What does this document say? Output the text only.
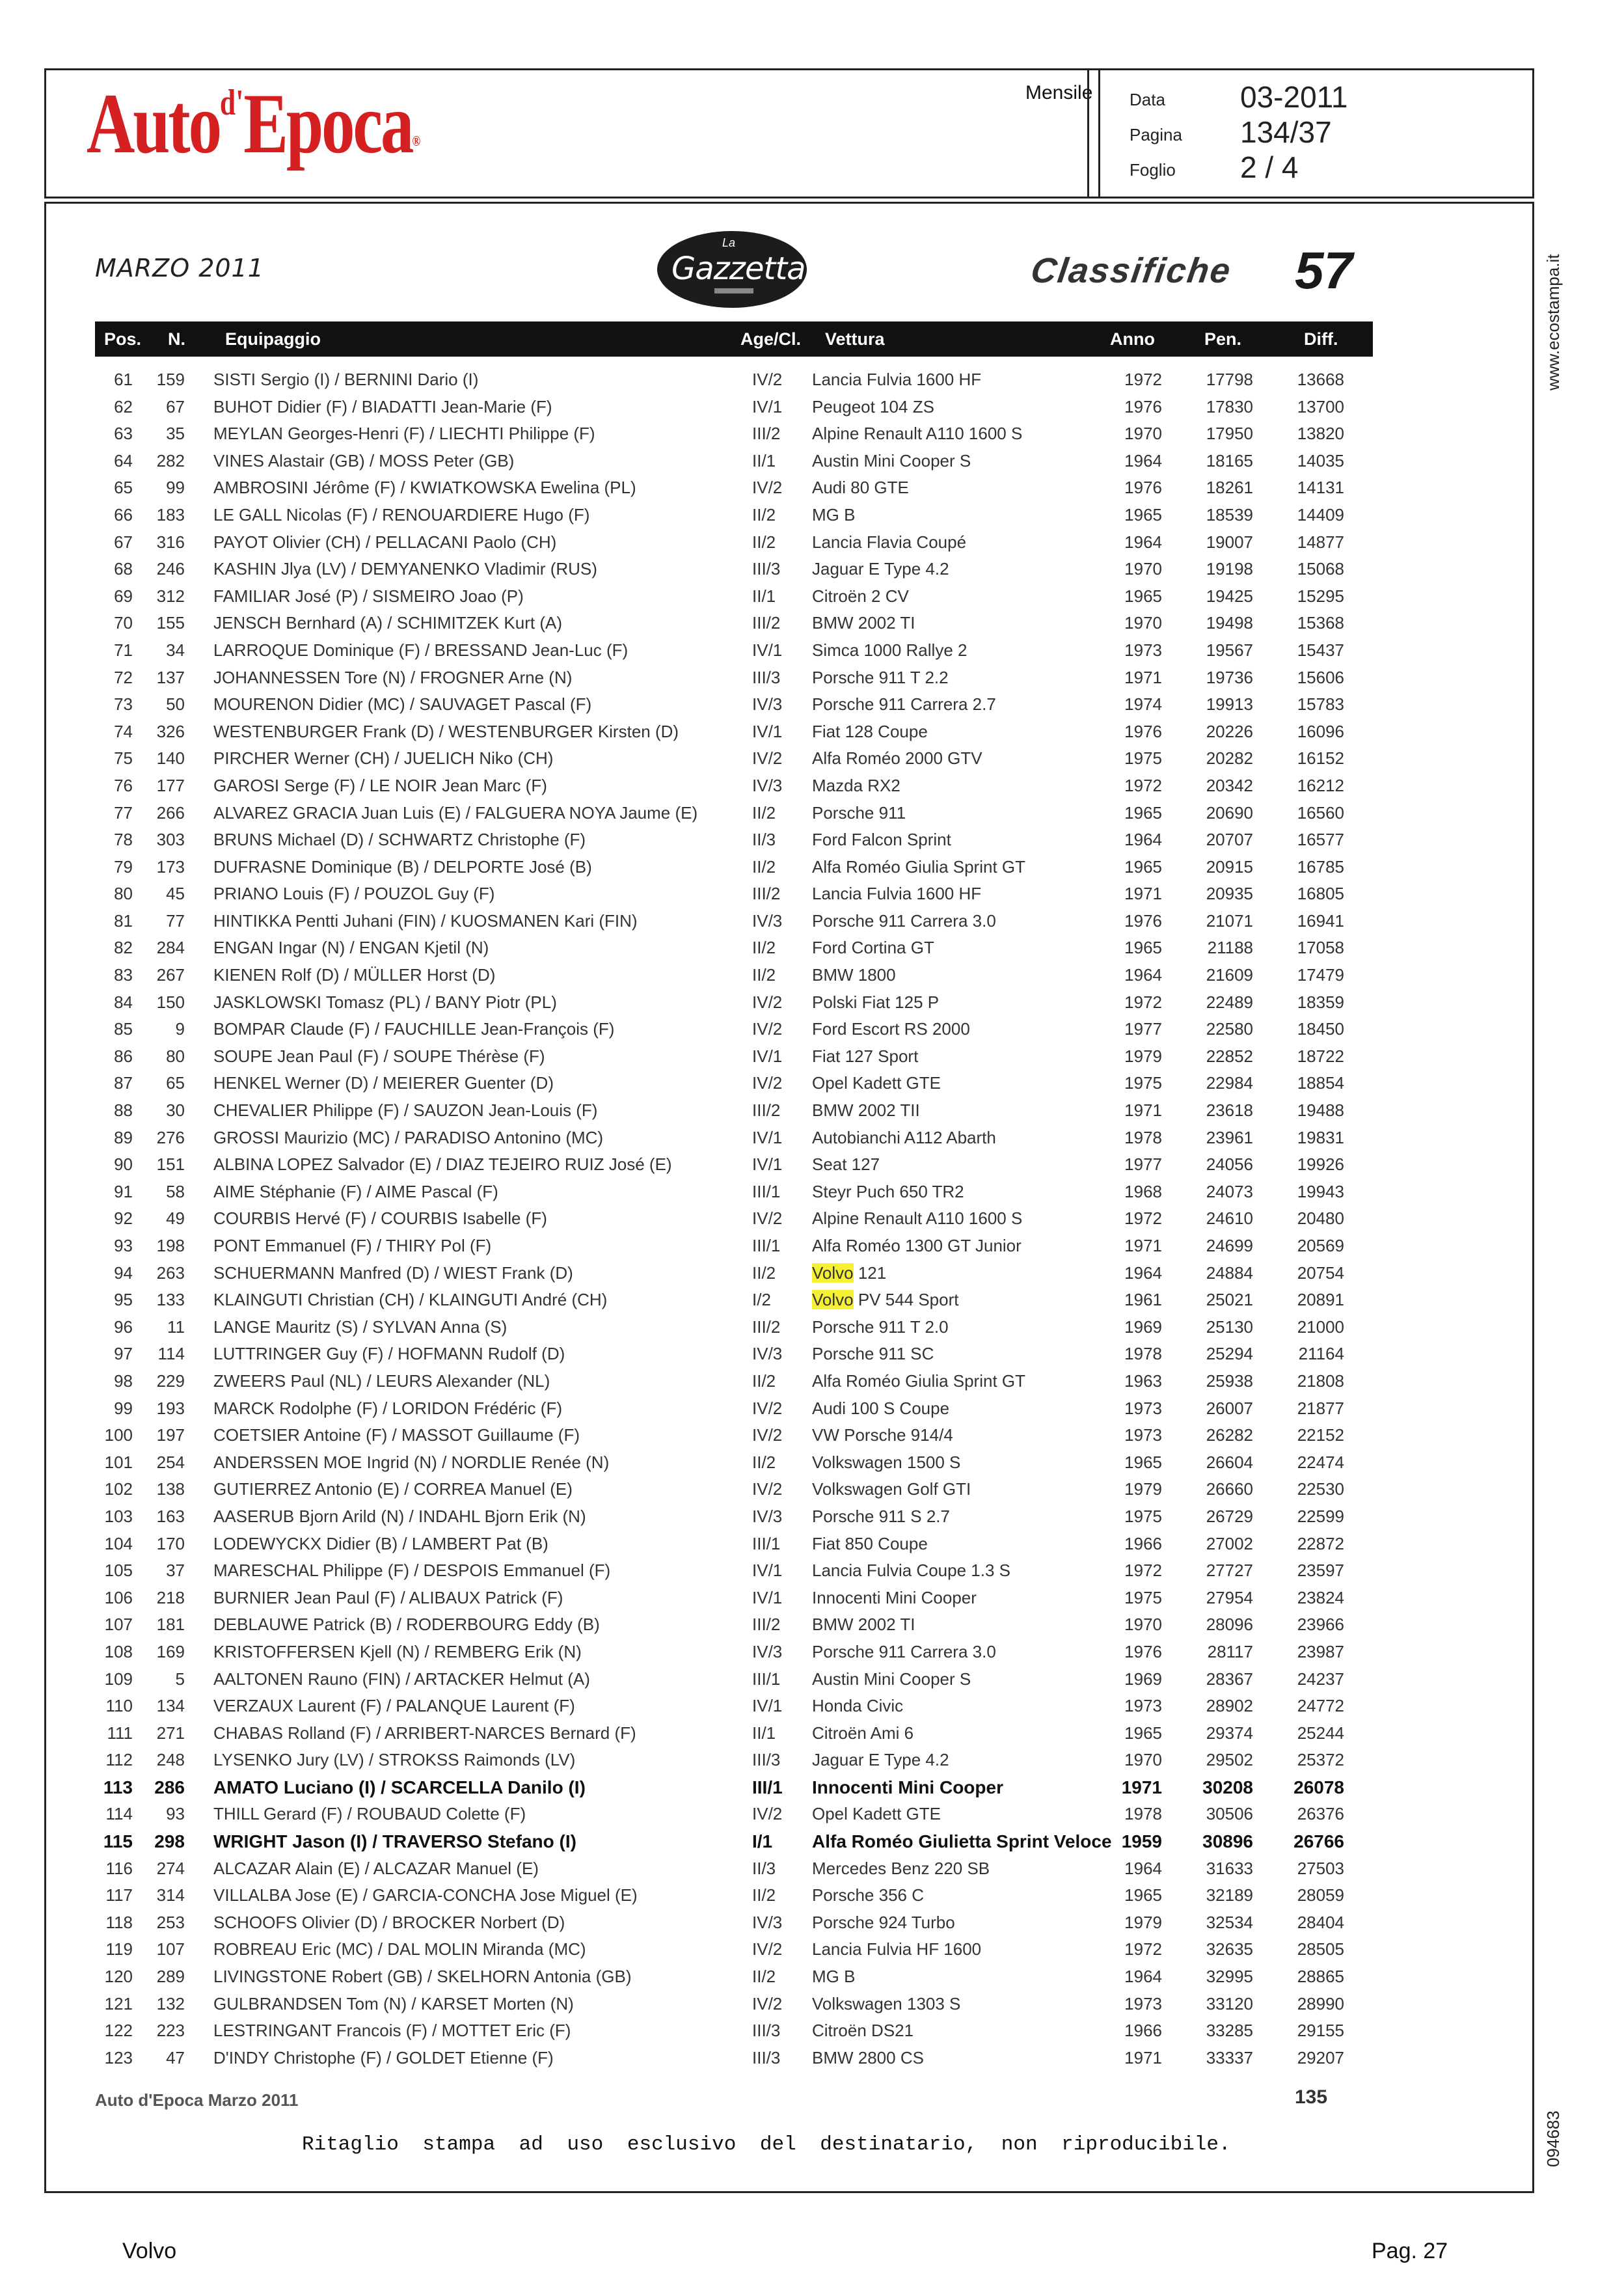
Auto$^{d'}$Epoca®
Mensile Data	03-2011
Pagina 134/37
Foglio 2 / 4
www.ecostampa.it
094683
MARZO 2011
La
Gazzetta	Classifiche 57
Pos. N. Equipaggio	Age/Cl. Vettura	Anno	Pen.	Diff.
61	159 SISTI Sergio (I) / BERNINI Dario (I)	IV/2	Lancia Fulvia 1600 HF	1972	17798	13668
62	67 BUHOT Didier (F) / BIADATTI Jean-Marie (F)	IV/1	Peugeot 104 ZS	1976	17830	13700
63	35 MEYLAN Georges-Henri (F) / LIECHTI Philippe (F)	III/2	Alpine Renault A110 1600 S	1970	17950	13820
64	282 VINES Alastair (GB) / MOSS Peter (GB)	II/1	Austin Mini Cooper S	1964	18165	14035
65	99 AMBROSINI Jérôme (F) / KWIATKOWSKA Ewelina (PL)	IV/2	Audi 80 GTE	1976	18261	14131
66	183 LE GALL Nicolas (F) / RENOUARDIERE Hugo (F)	II/2	MG B	1965	18539	14409
67	316 PAYOT Olivier (CH) / PELLACANI Paolo (CH)	II/2	Lancia Flavia Coupé	1964	19007	14877
68	246 KASHIN Jlya (LV) / DEMYANENKO Vladimir (RUS)	III/3	Jaguar E Type 4.2	1970	19198	15068
69	312 FAMILIAR José (P) / SISMEIRO Joao (P)	II/1	Citroën 2 CV	1965	19425	15295
70	155 JENSCH Bernhard (A) / SCHIMITZEK Kurt (A)	III/2	BMW 2002 TI	1970	19498	15368
71	34 LARROQUE Dominique (F) / BRESSAND Jean-Luc (F)	IV/1	Simca 1000 Rallye 2	1973	19567	15437
72	137 JOHANNESSEN Tore (N) / FROGNER Arne (N)	III/3	Porsche 911 T 2.2	1971	19736	15606
73	50 MOURENON Didier (MC) / SAUVAGET Pascal (F)	IV/3	Porsche 911 Carrera 2.7	1974	19913	15783
74	326 WESTENBURGER Frank (D) / WESTENBURGER Kirsten (D)	IV/1	Fiat 128 Coupe	1976	20226	16096
75	140 PIRCHER Werner (CH) / JUELICH Niko (CH)	IV/2	Alfa Roméo 2000 GTV	1975	20282	16152
76	177 GAROSI Serge (F) / LE NOIR Jean Marc (F)	IV/3	Mazda RX2	1972	20342	16212
77	266 ALVAREZ GRACIA Juan Luis (E) / FALGUERA NOYA Jaume (E)	II/2	Porsche 911	1965	20690	16560
78	303 BRUNS Michael (D) / SCHWARTZ Christophe (F)	II/3	Ford Falcon Sprint	1964	20707	16577
79	173 DUFRASNE Dominique (B) / DELPORTE José (B)	II/2	Alfa Roméo Giulia Sprint GT	1965	20915	16785
80	45 PRIANO Louis (F) / POUZOL Guy (F)	III/2	Lancia Fulvia 1600 HF	1971	20935	16805
81	77 HINTIKKA Pentti Juhani (FIN) / KUOSMANEN Kari (FIN)	IV/3	Porsche 911 Carrera 3.0	1976	21071	16941
82	284 ENGAN Ingar (N) / ENGAN Kjetil (N)	II/2	Ford Cortina GT	1965	21188	17058
83	267 KIENEN Rolf (D) / MÜLLER Horst (D)	II/2	BMW 1800	1964	21609	17479
84	150 JASKLOWSKI Tomasz (PL) / BANY Piotr (PL)	IV/2	Polski Fiat 125 P	1972	22489	18359
85	9 BOMPAR Claude (F) / FAUCHILLE Jean-François (F)	IV/2	Ford Escort RS 2000	1977	22580	18450
86	80 SOUPE Jean Paul (F) / SOUPE Thérèse (F)	IV/1	Fiat 127 Sport	1979	22852	18722
87	65 HENKEL Werner (D) / MEIERER Guenter (D)	IV/2	Opel Kadett GTE	1975	22984	18854
88	30 CHEVALIER Philippe (F) / SAUZON Jean-Louis (F)	III/2	BMW 2002 TII	1971	23618	19488
89	276 GROSSI Maurizio (MC) / PARADISO Antonino (MC)	IV/1	Autobianchi A112 Abarth	1978	23961	19831
90	151 ALBINA LOPEZ Salvador (E) / DIAZ TEJEIRO RUIZ José (E)	IV/1	Seat 127	1977	24056	19926
91	58 AIME Stéphanie (F) / AIME Pascal (F)	III/1	Steyr Puch 650 TR2	1968	24073	19943
92	49 COURBIS Hervé (F) / COURBIS Isabelle (F)	IV/2	Alpine Renault A110 1600 S	1972	24610	20480
93	198 PONT Emmanuel (F) / THIRY Pol (F)	III/1	Alfa Roméo 1300 GT Junior	1971	24699	20569
94	263 SCHUERMANN Manfred (D) / WIEST Frank (D)	II/2	Volvo 121	1964	24884	20754
95	133 KLAINGUTI Christian (CH) / KLAINGUTI André (CH)	I/2	Volvo PV 544 Sport	1961	25021	20891
96	11 LANGE Mauritz (S) / SYLVAN Anna (S)	III/2	Porsche 911 T 2.0	1969	25130	21000
97	114 LUTTRINGER Guy (F) / HOFMANN Rudolf (D)	IV/3	Porsche 911 SC	1978	25294	21164
98	229 ZWEERS Paul (NL) / LEURS Alexander (NL)	II/2	Alfa Roméo Giulia Sprint GT	1963	25938	21808
99	193 MARCK Rodolphe (F) / LORIDON Frédéric (F)	IV/2	Audi 100 S Coupe	1973	26007	21877
100	197 COETSIER Antoine (F) / MASSOT Guillaume (F)	IV/2	VW Porsche 914/4	1973	26282	22152
101	254 ANDERSSEN MOE Ingrid (N) / NORDLIE Renée (N)	II/2	Volkswagen 1500 S	1965	26604	22474
102	138 GUTIERREZ Antonio (E) / CORREA Manuel (E)	IV/2	Volkswagen Golf GTI	1979	26660	22530
103	163 AASERUB Bjorn Arild (N) / INDAHL Bjorn Erik (N)	IV/3	Porsche 911 S 2.7	1975	26729	22599
104	170 LODEWYCKX Didier (B) / LAMBERT Pat (B)	III/1	Fiat 850 Coupe	1966	27002	22872
105	37 MARESCHAL Philippe (F) / DESPOIS Emmanuel (F)	IV/1	Lancia Fulvia Coupe 1.3 S	1972	27727	23597
106	218 BURNIER Jean Paul (F) / ALIBAUX Patrick (F)	IV/1	Innocenti Mini Cooper	1975	27954	23824
107	181 DEBLAUWE Patrick (B) / RODERBOURG Eddy (B)	III/2	BMW 2002 TI	1970	28096	23966
108	169 KRISTOFFERSEN Kjell (N) / REMBERG Erik (N)	IV/3	Porsche 911 Carrera 3.0	1976	28117	23987
109	5 AALTONEN Rauno (FIN) / ARTACKER Helmut (A)	III/1	Austin Mini Cooper S	1969	28367	24237
110	134 VERZAUX Laurent (F) / PALANQUE Laurent (F)	IV/1	Honda Civic	1973	28902	24772
111	271 CHABAS Rolland (F) / ARRIBERT-NARCES Bernard (F)	II/1	Citroën Ami 6	1965	29374	25244
112	248 LYSENKO Jury (LV) / STROKSS Raimonds (LV)	III/3	Jaguar E Type 4.2	1970	29502	25372
113	286 AMATO Luciano (I) / SCARCELLA Danilo (I)	III/1	Innocenti Mini Cooper	1971	30208	26078
114	93 THILL Gerard (F) / ROUBAUD Colette (F)	IV/2	Opel Kadett GTE	1978	30506	26376
115	298 WRIGHT Jason (I) / TRAVERSO Stefano (I)	I/1	Alfa Roméo Giulietta Sprint Veloce 1959	30896	26766
116	274 ALCAZAR Alain (E) / ALCAZAR Manuel (E)	II/3	Mercedes Benz 220 SB	1964	31633	27503
117	314 VILLALBA Jose (E) / GARCIA-CONCHA Jose Miguel (E)	II/2	Porsche 356 C	1965	32189	28059
118	253 SCHOOFS Olivier (D) / BROCKER Norbert (D)	IV/3	Porsche 924 Turbo	1979	32534	28404
119	107 ROBREAU Eric (MC) / DAL MOLIN Miranda (MC)	IV/2	Lancia Fulvia HF 1600	1972	32635	28505
120	289 LIVINGSTONE Robert (GB) / SKELHORN Antonia (GB)	II/2	MG B	1964	32995	28865
121	132 GULBRANDSEN Tom (N) / KARSET Morten (N)	IV/2	Volkswagen 1303 S	1973	33120	28990
122	223 LESTRINGANT Francois (F) / MOTTET Eric (F)	III/3	Citroën DS21	1966	33285	29155
123	47 D'INDY Christophe (F) / GOLDET Etienne (F)	III/3	BMW 2800 CS	1971	33337	29207
Auto d'Epoca Marzo 2011	135
Ritaglio stampa ad uso esclusivo del destinatario, non riproducibile.
Volvo	Pag. 27
